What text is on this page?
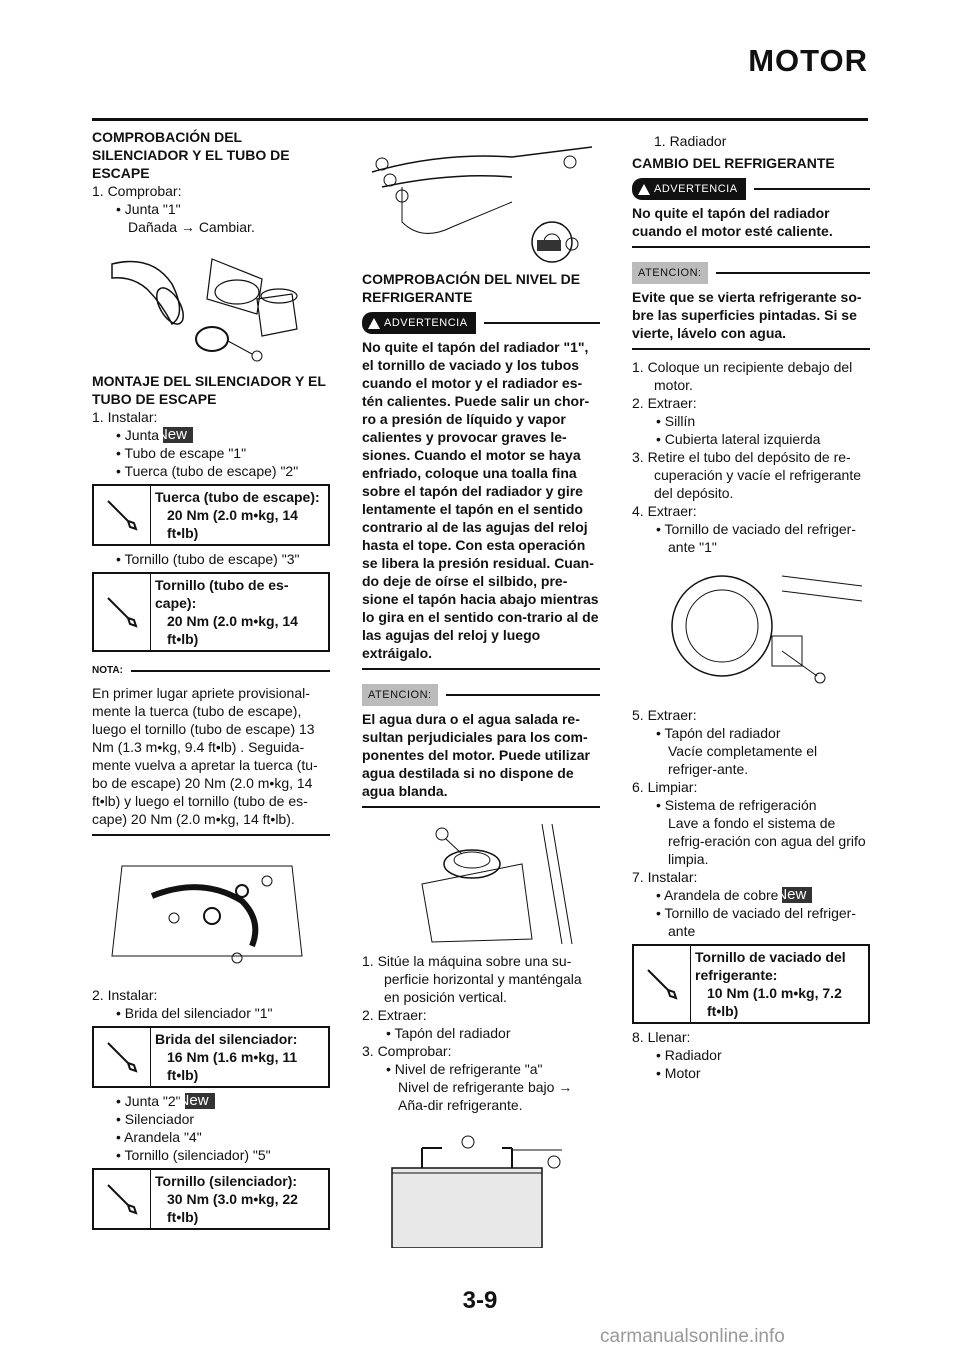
MOTOR

COMPROBACIÓN DEL SILENCIADOR Y EL TUBO DE ESCAPE

1. Comprobar:

• Junta "1"

Dañada → Cambiar.

MONTAJE DEL SILENCIADOR Y EL TUBO DE ESCAPE

1. Instalar:

• Junta New

• Tubo de escape "1"

• Tuerca (tubo de escape) "2"

Tuerca (tubo de escape):
20 Nm (2.0 m•kg, 14 ft•lb)

• Tornillo (tubo de escape) "3"

Tornillo (tubo de es-cape):
20 Nm (2.0 m•kg, 14 ft•lb)
NOTA:

En primer lugar apriete provisional-mente la tuerca (tubo de escape), luego el tornillo (tubo de escape) 13 Nm (1.3 m•kg, 9.4 ft•lb) . Seguida-mente vuelva a apretar la tuerca (tu-bo de escape) 20 Nm (2.0 m•kg, 14 ft•lb) y luego el tornillo (tubo de es-cape) 20 Nm (2.0 m•kg, 14 ft•lb).

2. Instalar:

• Brida del silenciador "1"

Brida del silenciador:
16 Nm (1.6 m•kg, 11 ft•lb)

• Junta "2" New

• Silenciador

• Arandela "4"

• Tornillo (silenciador) "5"

Tornillo (silenciador):
30 Nm (3.0 m•kg, 22 ft•lb)

COMPROBACIÓN DEL NIVEL DE REFRIGERANTE

ADVERTENCIA

No quite el tapón del radiador "1", el tornillo de vaciado y los tubos cuando el motor y el radiador es-tén calientes. Puede salir un chor-ro a presión de líquido y vapor calientes y provocar graves le-siones. Cuando el motor se haya enfriado, coloque una toalla fina sobre el tapón del radiador y gire lentamente el tapón en el sentido contrario al de las agujas del reloj hasta el tope. Con esta operación se libera la presión residual. Cuan-do deje de oírse el silbido, pre-sione el tapón hacia abajo mientras lo gira en el sentido con-trario al de las agujas del reloj y luego extráigalo.

ATENCION:

El agua dura o el agua salada re-sultan perjudiciales para los com-ponentes del motor. Puede utilizar agua destilada si no dispone de agua blanda.

1. Sitúe la máquina sobre una su-perficie horizontal y manténgala en posición vertical.

2. Extraer:

• Tapón del radiador

3. Comprobar:

• Nivel de refrigerante "a"

Nivel de refrigerante bajo → Aña-dir refrigerante.

1. Radiador

CAMBIO DEL REFRIGERANTE

ADVERTENCIA

No quite el tapón del radiador cuando el motor esté caliente.

ATENCION:

Evite que se vierta refrigerante so-bre las superficies pintadas. Si se vierte, lávelo con agua.

1. Coloque un recipiente debajo del motor.

2. Extraer:

• Sillín

• Cubierta lateral izquierda

3. Retire el tubo del depósito de re-cuperación y vacíe el refrigerante del depósito.

4. Extraer:

• Tornillo de vaciado del refriger-ante "1"

5. Extraer:

• Tapón del radiador

Vacíe completamente el refriger-ante.

6. Limpiar:

• Sistema de refrigeración

Lave a fondo el sistema de refrig-eración con agua del grifo limpia.

7. Instalar:

• Arandela de cobre New

• Tornillo de vaciado del refriger-ante

Tornillo de vaciado del refrigerante:
10 Nm (1.0 m•kg, 7.2 ft•lb)

8. Llenar:

• Radiador

• Motor

3-9
carmanualsonline.info
